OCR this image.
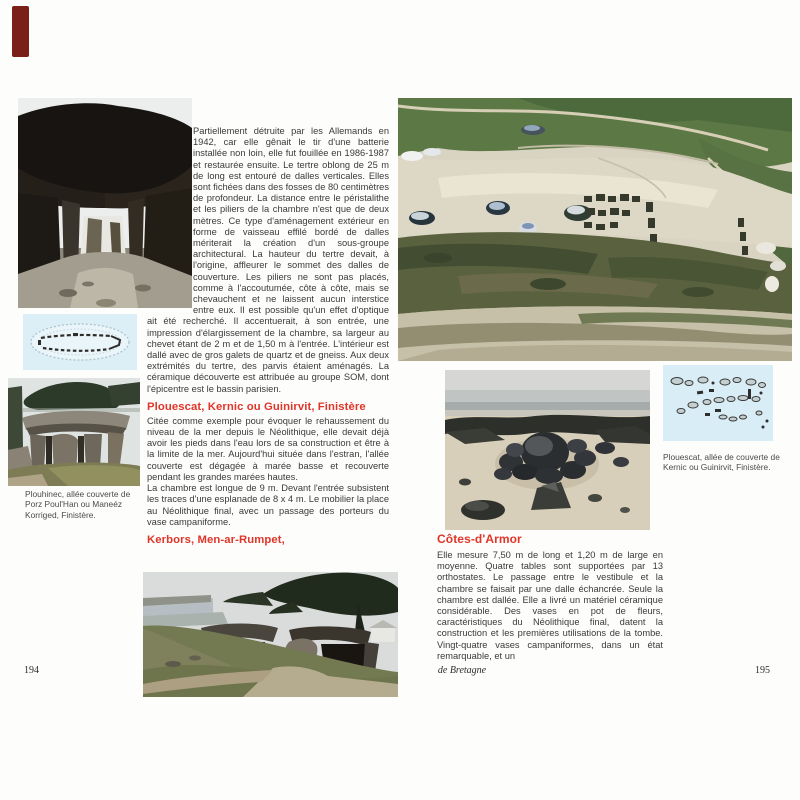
Partiellement détruite par les Allemands en 1942, car elle gênait le tir d'une batterie installée non loin, elle fut fouillée en 1986-1987 et restaurée ensuite. Le tertre oblong de 25 m de long est entouré de dalles verticales. Elles sont fichées dans des fosses de 80 centimètres de profondeur. La distance entre le péristalithe et les piliers de la chambre n'est que de deux mètres. Ce type d'aménagement extérieur en forme de vaisseau effilé bordé de dalles mériterait la création d'un sous-groupe architectural. La hauteur du tertre devait, à l'origine, affleurer le sommet des dalles de couverture. Les piliers ne sont pas placés, comme à l'accoutumée, côte à côte, mais se chevauchent et ne laissent aucun interstice entre eux. Il est possible qu'un effet d'optique ait été recherché. Il accentuerait, à son entrée, une impression d'élargissement de la chambre, sa largeur au chevet étant de 2 m et de 1,50 m à l'entrée. L'intérieur est dallé avec de gros galets de quartz et de gneiss. Aux deux extrémités du tertre, des parvis étaient aménagés. La céramique découverte est attribuée au groupe SOM, dont l'épicentre est le bassin parisien.

Plouescat, Kernic ou Guinirvit, Finistère

Citée comme exemple pour évoquer le rehaussement du niveau de la mer depuis le Néolithique, elle devait déjà avoir les pieds dans l'eau lors de sa construction et être à la limite de la mer. Aujourd'hui située dans l'estran, l'allée couverte est dégagée à marée basse et recouverte pendant les grandes marées hautes.

La chambre est longue de 9 m. Devant l'entrée subsistent les traces d'une esplanade de 8 x 4 m. Le mobilier la place au Néolithique final, avec un passage des porteurs du vase campaniforme.

Kerbors, Men-ar-Rumpet,
Plouhinec, allée couverte de Porz Poul'Han ou Maneéz Korriged, Finistère.
Plouescat, allée de couverte de Kernic ou Guinirvit, Finistère.
Côtes-d'Armor

Elle mesure 7,50 m de long et 1,20 m de large en moyenne. Quatre tables sont supportées par 13 orthostates. Le passage entre le vestibule et la chambre se faisait par une dalle échancrée. Seule la chambre est dallée. Elle a livré un matériel céramique considérable. Des vases en pot de fleurs, caractéristiques du Néolithique final, datent la construction et les premières utilisations de la tombe. Vingt-quatre vases campaniformes, dans un état remarquable, et un

194	de Bretagne	195
